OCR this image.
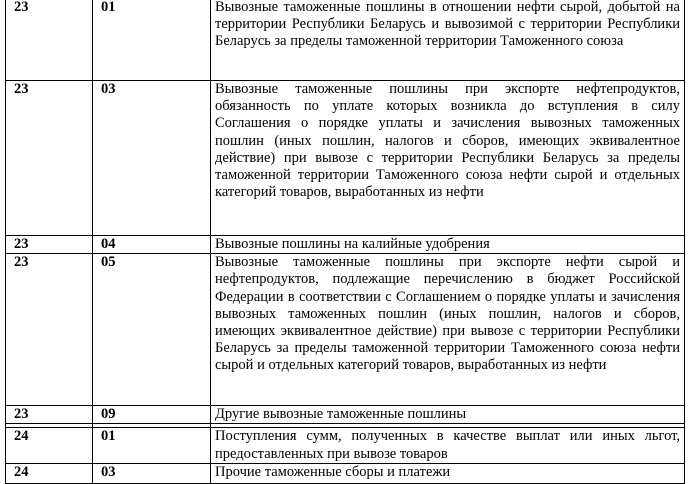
23	01	Вывозные таможенные пошлины в отношении нефти сырой, добытой на территории Республики Беларусь и вывозимой с территории Республики Беларусь за пределы таможенной территории Таможенного союза
23	03	Вывозные таможенные пошлины при экспорте нефтепродуктов, обязанность по уплате которых возникла до вступления в силу Соглашения о порядке уплаты и зачисления вывозных таможенных пошлин (иных пошлин, налогов и сборов, имеющих эквивалентное действие) при вывозе с территории Республики Беларусь за пределы таможенной территории Таможенного союза нефти сырой и отдельных категорий товаров, выработанных из нефти
23	04	Вывозные пошлины на калийные удобрения
23	05	Вывозные таможенные пошлины при экспорте нефти сырой и нефтепродуктов, подлежащие перечислению в бюджет Российской Федерации в соответствии с Соглашением о порядке уплаты и зачисления вывозных таможенных пошлин (иных пошлин, налогов и сборов, имеющих эквивалентное действие) при вывозе с территории Республики Беларусь за пределы таможенной территории Таможенного союза нефти сырой и отдельных категорий товаров, выработанных из нефти
23	09	Другие вывозные таможенные пошлины

24	01	Поступления сумм, полученных в качестве выплат или иных льгот, предоставленных при вывозе товаров
24	03	Прочие таможенные сборы и платежи
